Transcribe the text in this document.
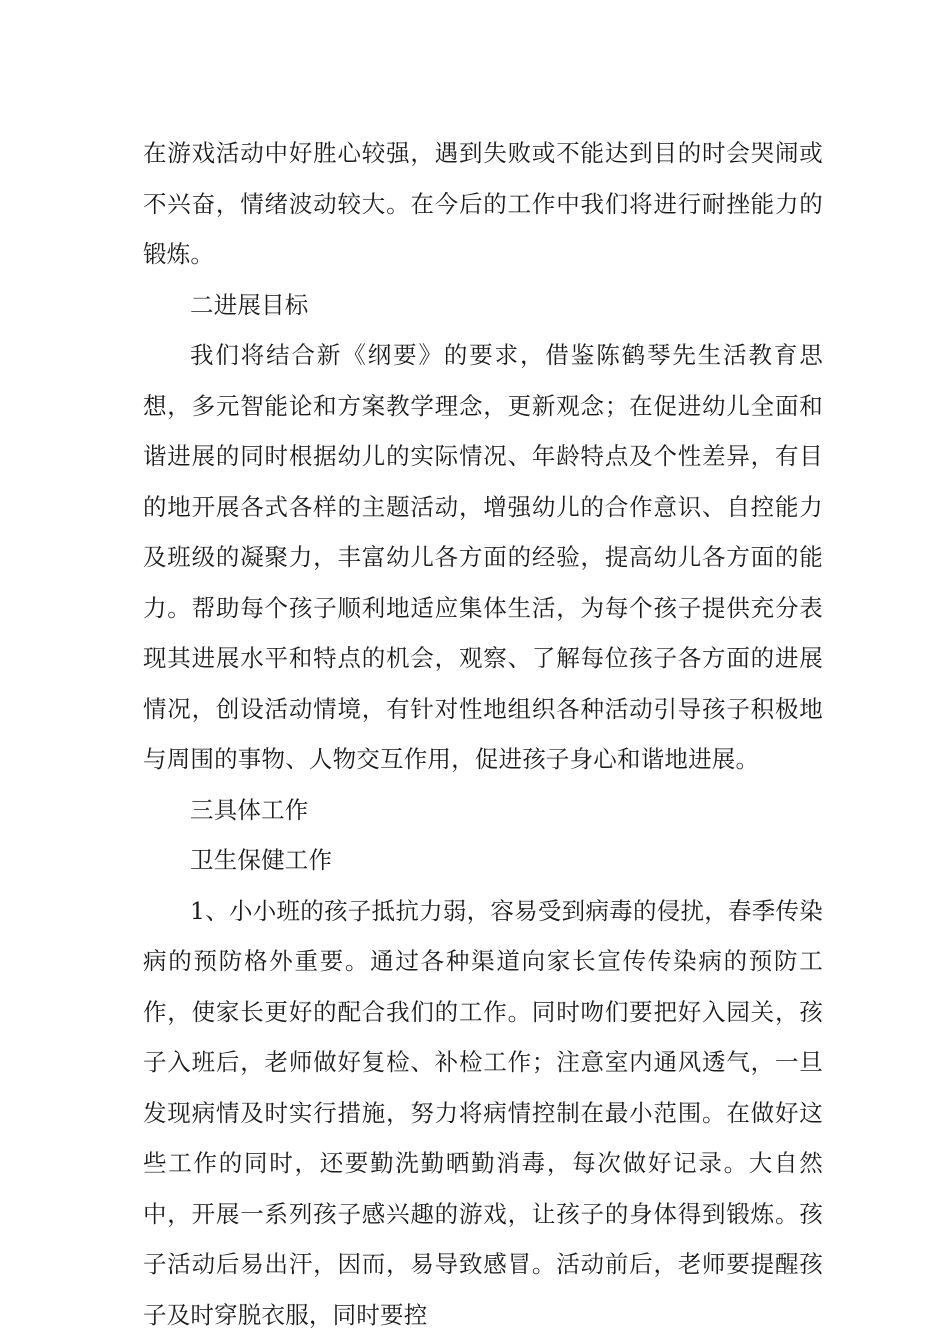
在游戏活动中好胜心较强，遇到失败或不能达到目的时会哭闹或不兴奋，情绪波动较大。在今后的工作中我们将进行耐挫能力的锻炼。

二进展目标

我们将结合新《纲要》的要求，借鉴陈鹤琴先生活教育思想，多元智能论和方案教学理念，更新观念；在促进幼儿全面和谐进展的同时根据幼儿的实际情况、年龄特点及个性差异，有目的地开展各式各样的主题活动，增强幼儿的合作意识、自控能力及班级的凝聚力，丰富幼儿各方面的经验，提高幼儿各方面的能力。帮助每个孩子顺利地适应集体生活，为每个孩子提供充分表现其进展水平和特点的机会，观察、了解每位孩子各方面的进展情况，创设活动情境，有针对性地组织各种活动引导孩子积极地与周围的事物、人物交互作用，促进孩子身心和谐地进展。

三具体工作

卫生保健工作

1、小小班的孩子抵抗力弱，容易受到病毒的侵扰，春季传染病的预防格外重要。通过各种渠道向家长宣传传染病的预防工作，使家长更好的配合我们的工作。同时吻们要把好入园关，孩子入班后，老师做好复检、补检工作；注意室内通风透气，一旦发现病情及时实行措施，努力将病情控制在最小范围。在做好这些工作的同时，还要勤洗勤晒勤消毒，每次做好记录。大自然中，开展一系列孩子感兴趣的游戏，让孩子的身体得到锻炼。孩子活动后易出汗，因而，易导致感冒。活动前后，老师要提醒孩子及时穿脱衣服，同时要控
